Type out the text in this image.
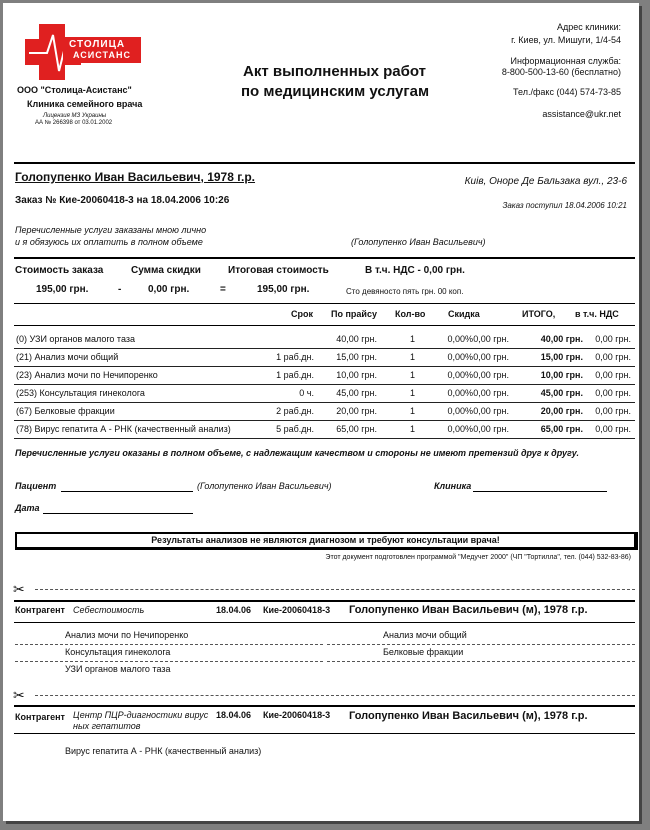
СТОЛИЦА
АСИСТАНС
ООО "Столица-Асистанс"
Клиника семейного врача
Лицензия МЗ Украины
АА № 266398 от 03.01.2002
Акт выполненных работ
по медицинским услугам
Адрес клиники:
г. Киев, ул. Мишуги, 1/4-54
Информационная служба:
8-800-500-13-60 (бесплатно)
Тел./факс (044) 574-73-85
assistance@ukr.net
Голопупенко Иван Васильевич, 1978 г.р.	Киів, Оноре Де Бальзака вул., 23-6
Заказ № Кие-20060418-3 на 18.04.2006 10:26	Заказ поступил 18.04.2006 10:21
Перечисленные услуги заказаны мною лично
и я обязуюсь их оплатить в полном объеме	(Голопупенко Иван Васильевич)
Стоимость заказа	Сумма скидки	Итоговая стоимость	В т.ч. НДС - 0,00 грн.
195,00 грн.	-	0,00 грн.	=	195,00 грн.	Сто девяносто пять грн. 00 коп.
Срок По прайсу Кол-во	Скидка	ИТОГО, в т.ч. НДС
(0) УЗИ органов малого таза	40,00 грн.	1	0,00% 0,00 грн.	40,00 грн. 0,00 грн.
(21) Анализ мочи общий	1 раб.дн. 15,00 грн.	1	0,00% 0,00 грн.	15,00 грн. 0,00 грн.
(23) Анализ мочи по Нечипоренко	1 раб.дн. 10,00 грн.	1	0,00% 0,00 грн.	10,00 грн. 0,00 грн.
(253) Консультация гинеколога	0 ч. 45,00 грн.	1	0,00% 0,00 грн.	45,00 грн. 0,00 грн.
(67) Белковые фракции	2 раб.дн. 20,00 грн.	1	0,00% 0,00 грн.	20,00 грн. 0,00 грн.
(78) Вирус гепатита А - РНК (качественный анализ)	5 раб.дн. 65,00 грн.	1	0,00% 0,00 грн.	65,00 грн. 0,00 грн.
Перечисленные услуги оказаны в полном объеме, с надлежащим качеством и стороны не имеют претензий друг к другу.
Пациент	(Голопупенко Иван Васильевич)	Клиника
Дата
Результаты анализов не являются диагнозом и требуют консультации врача!
Этот документ подготовлен программой "Медучет 2000" (ЧП "Тортилла", тел. (044) 532-83-86)
✂
Контрагент Себестоимость	18.04.06 Кие-20060418-3 Голопупенко Иван Васильевич (м), 1978 г.р.
Анализ мочи по Нечипоренко	Анализ мочи общий
Консультация гинеколога	Белковые фракции
УЗИ органов малого таза
✂
Контрагент Центр ПЦР-диагностики вирус
ных гепатитов
18.04.06 Кие-20060418-3 Голопупенко Иван Васильевич (м), 1978 г.р.
Вирус гепатита А - РНК (качественный анализ)
